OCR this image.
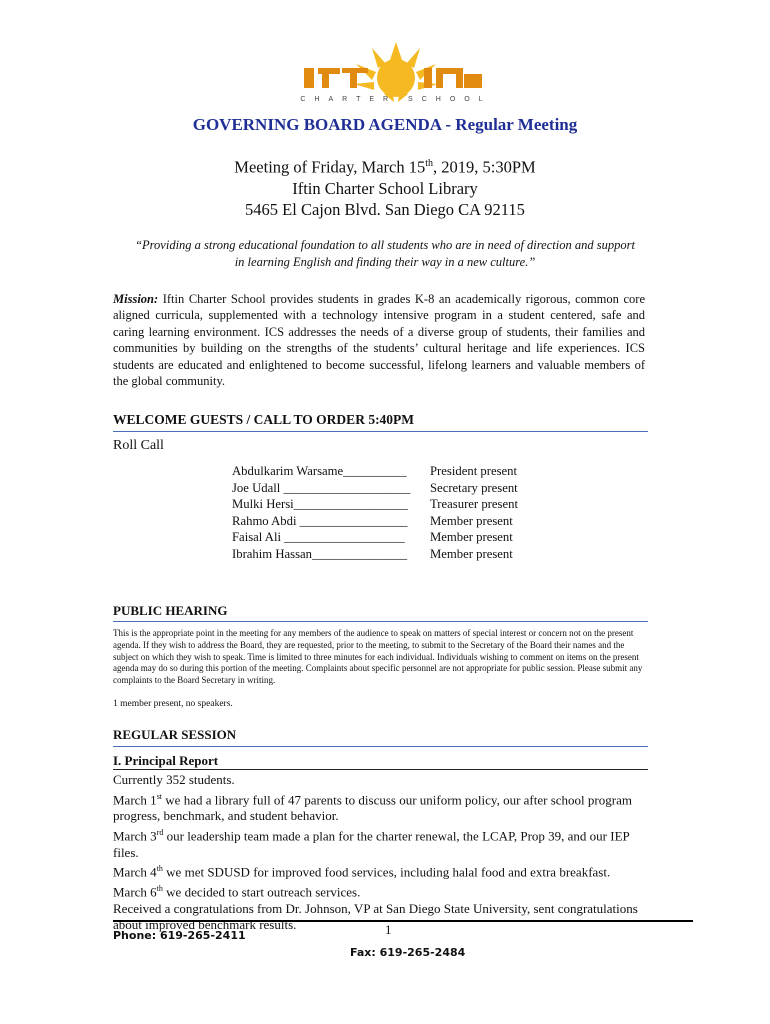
CHARTER SCHOOL
GOVERNING BOARD AGENDA - Regular Meeting
Meeting of Friday, March 15th, 2019, 5:30PM
Iftin Charter School Library
5465 El Cajon Blvd. San Diego CA 92115
“Providing a strong educational foundation to all students who are in need of direction and support in learning English and finding their way in a new culture.”
Mission: Iftin Charter School provides students in grades K-8 an academically rigorous, common core aligned curricula, supplemented with a technology intensive program in a student centered, safe and caring learning environment. ICS addresses the needs of a diverse group of students, their families and communities by building on the strengths of the students’ cultural heritage and life experiences. ICS students are educated and enlightened to become successful, lifelong learners and valuable members of the global community.
WELCOME GUESTS / CALL TO ORDER 5:40PM
Roll Call
Abdulkarim Warsame__________	President present
Joe Udall ____________________	Secretary present
Mulki Hersi__________________	Treasurer present
Rahmo Abdi _________________	Member present
Faisal Ali ___________________	Member present
Ibrahim Hassan_______________	Member present
PUBLIC HEARING
This is the appropriate point in the meeting for any members of the audience to speak on matters of special interest or concern not on the present agenda. If they wish to address the Board, they are requested, prior to the meeting, to submit to the Secretary of the Board their names and the subject on which they wish to speak. Time is limited to three minutes for each individual. Individuals wishing to comment on items on the present agenda may do so during this portion of the meeting. Complaints about specific personnel are not appropriate for public session. Please submit any complaints to the Board Secretary in writing.
1 member present, no speakers.
REGULAR SESSION
I. Principal Report

Currently 352 students.

March 1st we had a library full of 47 parents to discuss our uniform policy, our after school program progress, benchmark, and student behavior.

March 3rd our leadership team made a plan for the charter renewal, the LCAP, Prop 39, and our IEP files.

March 4th we met SDUSD for improved food services, including halal food and extra breakfast.

March 6th we decided to start outreach services.

Received a congratulations from Dr. Johnson, VP at San Diego State University, sent congratulations about improved benchmark results.

Phone: 619-265-2411	1
Fax: 619-265-2484
